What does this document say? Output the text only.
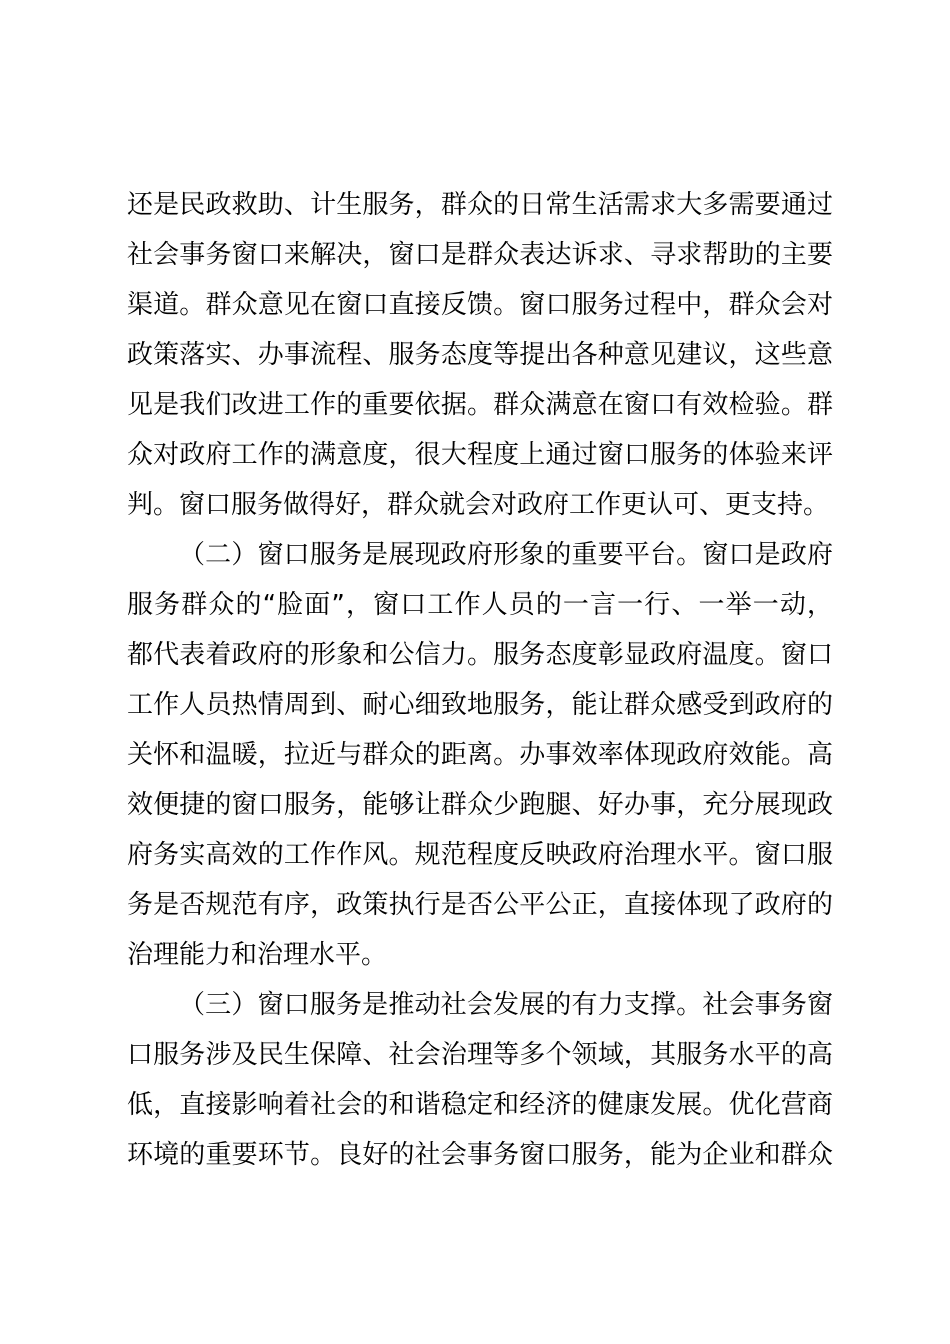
还是民政救助、计生服务，群众的日常生活需求大多需要通过
社会事务窗口来解决，窗口是群众表达诉求、寻求帮助的主要
渠道。群众意见在窗口直接反馈。窗口服务过程中，群众会对
政策落实、办事流程、服务态度等提出各种意见建议，这些意
见是我们改进工作的重要依据。群众满意在窗口有效检验。群
众对政府工作的满意度，很大程度上通过窗口服务的体验来评
判。窗口服务做得好，群众就会对政府工作更认可、更支持。
（二）窗口服务是展现政府形象的重要平台。窗口是政府
服务群众的“脸面”，窗口工作人员的一言一行、一举一动，
都代表着政府的形象和公信力。服务态度彰显政府温度。窗口
工作人员热情周到、耐心细致地服务，能让群众感受到政府的
关怀和温暖，拉近与群众的距离。办事效率体现政府效能。高
效便捷的窗口服务，能够让群众少跑腿、好办事，充分展现政
府务实高效的工作作风。规范程度反映政府治理水平。窗口服
务是否规范有序，政策执行是否公平公正，直接体现了政府的
治理能力和治理水平。
（三）窗口服务是推动社会发展的有力支撑。社会事务窗
口服务涉及民生保障、社会治理等多个领域，其服务水平的高
低，直接影响着社会的和谐稳定和经济的健康发展。优化营商
环境的重要环节。良好的社会事务窗口服务，能为企业和群众
